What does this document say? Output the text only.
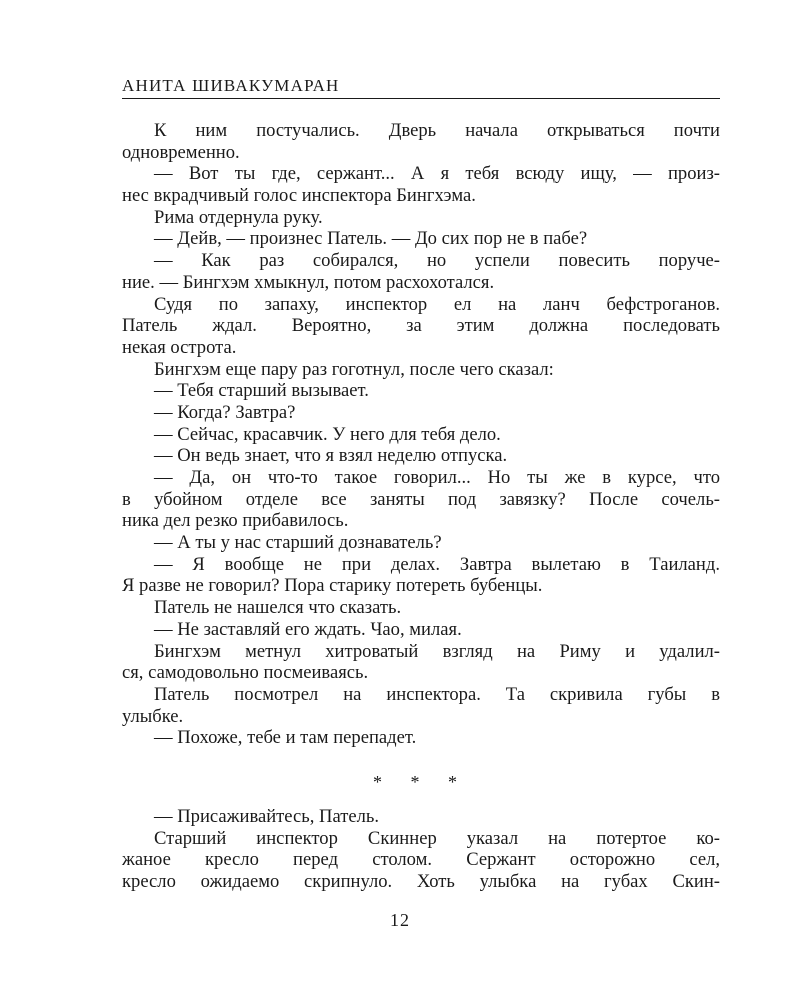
АНИТА ШИВАКУМАРАН
К ним постучались. Дверь начала открываться почти
одновременно.
— Вот ты где, сержант... А я тебя всюду ищу, — произ-
нес вкрадчивый голос инспектора Бингхэма.
Рима отдернула руку.
— Дейв, — произнес Патель. — До сих пор не в пабе?
— Как раз собирался, но успели повесить поруче-
ние. — Бингхэм хмыкнул, потом расхохотался.
Судя по запаху, инспектор ел на ланч бефстроганов.
Патель ждал. Вероятно, за этим должна последовать
некая острота.
Бингхэм еще пару раз гоготнул, после чего сказал:
— Тебя старший вызывает.
— Когда? Завтра?
— Сейчас, красавчик. У него для тебя дело.
— Он ведь знает, что я взял неделю отпуска.
— Да, он что-то такое говорил... Но ты же в курсе, что
в убойном отделе все заняты под завязку? После сочель-
ника дел резко прибавилось.
— А ты у нас старший дознаватель?
— Я вообще не при делах. Завтра вылетаю в Таиланд.
Я разве не говорил? Пора старику потереть бубенцы.
Патель не нашелся что сказать.
— Не заставляй его ждать. Чао, милая.
Бингхэм метнул хитроватый взгляд на Риму и удалил-
ся, самодовольно посмеиваясь.
Патель посмотрел на инспектора. Та скривила губы в
улыбке.
— Похоже, тебе и там перепадет.
* * *
— Присаживайтесь, Патель.
Старший инспектор Скиннер указал на потертое ко-
жаное кресло перед столом. Сержант осторожно сел,
кресло ожидаемо скрипнуло. Хоть улыбка на губах Скин-
12
